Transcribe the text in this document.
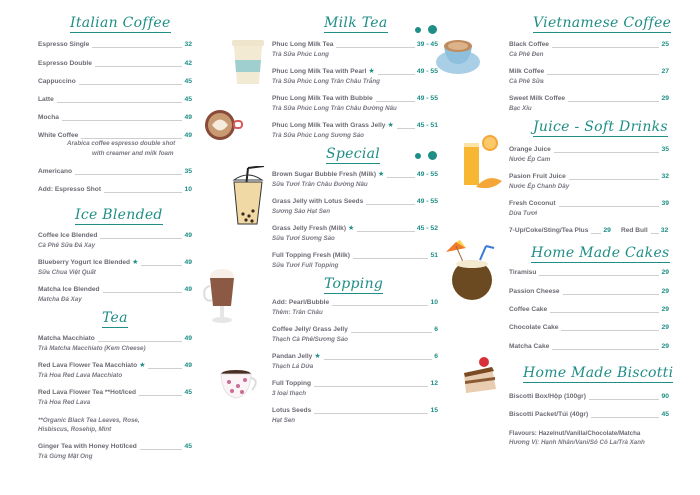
Italian Coffee
Espresso Single	32
Espresso Double	42
Cappuccino	45
Latte	45
Mocha	49
White Coffee	49
Arabica coffee espresso double shot
with creamer and milk foam
Americano	35
Add: Espresso Shot	10
Ice Blended
Coffee Ice Blended	49
Cà Phê Sữa Đá Xay
Blueberry Yogurt Ice Blended ★	49
Sữa Chua Việt Quất
Matcha Ice Blended	49
Matcha Đá Xay
Tea
Matcha Macchiato	49
Trà Matcha Macchiato (Kem Cheese)
Red Lava Flower Tea Macchiato ★	49
Trà Hoa Red Lava Macchiato
Red Lava Flower Tea **Hot/Iced	45
Trà Hoa Red Lava
**Organic Black Tea Leaves, Rose,
Hisbiscus, Rosehip, Mint
Ginger Tea with Honey Hot/Iced	45
Trà Gừng Mật Ong
Milk Tea
Phuc Long Milk Tea	39 - 45
Trà Sữa Phúc Long
Phuc Long Milk Tea with Pearl ★	49 - 55
Trà Sữa Phúc Long Trân Châu Trắng
Phuc Long Milk Tea with Bubble	49 - 55
Trà Sữa Phúc Long Trân Châu Đường Nâu
Phuc Long Milk Tea with Grass Jelly ★	45 - 51
Trà Sữa Phúc Long Sương Sáo
Special
Brown Sugar Bubble Fresh (Milk) ★	49 - 55
Sữa Tươi Trân Châu Đường Nâu
Grass Jelly with Lotus Seeds	49 - 55
Sương Sáo Hạt Sen
Grass Jelly Fresh (Milk) ★	45 - 52
Sữa Tươi Sương Sáo
Full Topping Fresh (Milk)	51
Sữa Tươi Full Topping
Topping
Add: Pearl/Bubble	10
Thêm: Trân Châu
Coffee Jelly/ Grass Jelly	6
Thạch Cà Phê/Sương Sáo
Pandan Jelly ★	6
Thạch Lá Dứa
Full Topping	12
3 loại thạch
Lotus Seeds	15
Hạt Sen
Vietnamese Coffee
Black Coffee	25
Cà Phê Đen
Milk Coffee	27
Cà Phê Sữa
Sweet Milk Coffee	29
Bạc Xỉu
Juice - Soft Drinks
Orange Juice	35
Nước Ép Cam
Pasion Fruit Juice	32
Nước Ép Chanh Dây
Fresh Coconut	39
Dừa Tươi
7-Up/Coke/Sting/Tea Plus 29 Red Bull 32
Home Made Cakes
Tiramisu	29
Passion Cheese	29
Coffee Cake	29
Chocolate Cake	29
Matcha Cake	29
Home Made Biscotti
Biscotti Box/Hộp (100gr)	90
Biscotti Packet/Túi (40gr)	45
Flavours: Hazelnut/Vanilla/Chocolate/Matcha
Hương Vị: Hạnh Nhân/Vani/Sô Cô La/Trà Xanh
